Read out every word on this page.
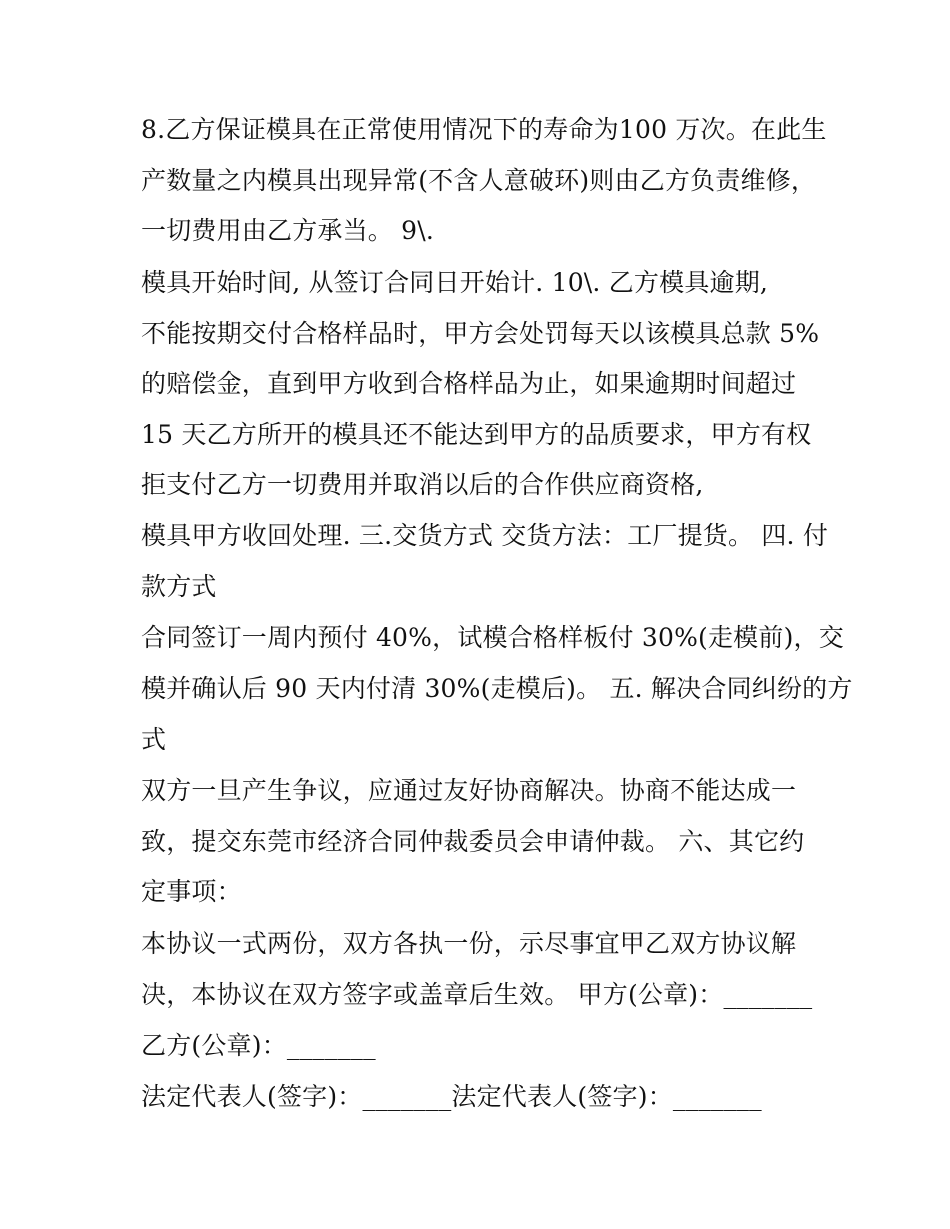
8.乙方保证模具在正常使用情况下的寿命为100 万次。在此生
产数量之内模具出现异常(不含人意破环)则由乙方负责维修，
一切费用由乙方承当。 9\.
模具开始时间, 从签订合同日开始计. 10\. 乙方模具逾期,
不能按期交付合格样品时，甲方会处罚每天以该模具总款 5%
的赔偿金，直到甲方收到合格样品为止，如果逾期时间超过
15 天乙方所开的模具还不能达到甲方的品质要求，甲方有权
拒支付乙方一切费用并取消以后的合作供应商资格,
模具甲方收回处理. 三.交货方式 交货方法：工厂提货。 四. 付
款方式
合同签订一周内预付 40%，试模合格样板付 30%(走模前)，交
模并确认后 90 天内付清 30%(走模后)。 五. 解决合同纠纷的方
式
双方一旦产生争议，应通过友好协商解决。协商不能达成一
致，提交东莞市经济合同仲裁委员会申请仲裁。 六、其它约
定事项：
本协议一式两份，双方各执一份，示尽事宜甲乙双方协议解
决，本协议在双方签字或盖章后生效。 甲方(公章)：_______
乙方(公章)：_______
法定代表人(签字)：_______法定代表人(签字)：_______
